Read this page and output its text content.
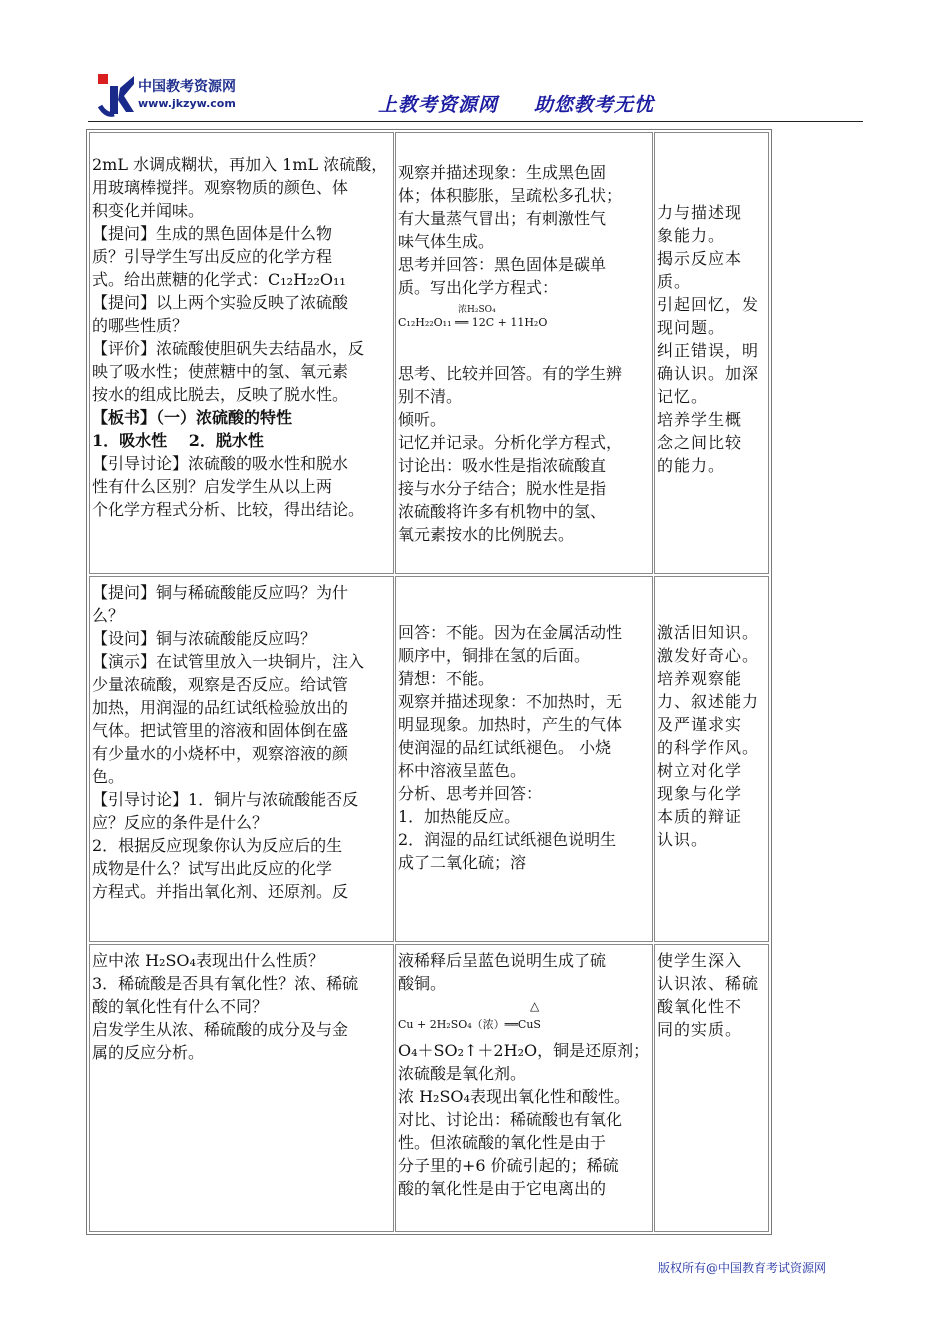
中国教考资源网
www.jkzyw.com	上教考资源网 助您教考无忧
2mL 水调成糊状，再加入 1mL 浓硫酸，
用玻璃棒搅拌。观察物质的颜色、体
积变化并闻味。
【提问】生成的黑色固体是什么物
质？引导学生写出反应的化学方程
式。给出蔗糖的化学式：C₁₂H₂₂O₁₁
【提问】以上两个实验反映了浓硫酸
的哪些性质？
【评价】浓硫酸使胆矾失去结晶水，反
映了吸水性；使蔗糖中的氢、氧元素
按水的组成比脱去，反映了脱水性。
【板书】（一）浓硫酸的特性
1．吸水性　 2．脱水性
【引导讨论】浓硫酸的吸水性和脱水
性有什么区别？启发学生从以上两
个化学方程式分析、比较，得出结论。
观察并描述现象：生成黑色固
体；体积膨胀，呈疏松多孔状；
有大量蒸气冒出；有刺激性气
味气体生成。
思考并回答：黑色固体是碳单
质。写出化学方程式：
浓H₂SO₄
C₁₂H₂₂O₁₁ ══ 12C + 11H₂O
思考、比较并回答。有的学生辨
别不清。
倾听。
记忆并记录。分析化学方程式，
讨论出：吸水性是指浓硫酸直
接与水分子结合；脱水性是指
浓硫酸将许多有机物中的氢、
氧元素按水的比例脱去。
力与描述现
象能力。
揭示反应本
质。
引起回忆，发
现问题。
纠正错误，明
确认识。加深
记忆。
培养学生概
念之间比较
的能力。
【提问】铜与稀硫酸能反应吗？为什
么？
【设问】铜与浓硫酸能反应吗？
【演示】在试管里放入一块铜片，注入
少量浓硫酸，观察是否反应。给试管
加热，用润湿的品红试纸检验放出的
气体。把试管里的溶液和固体倒在盛
有少量水的小烧杯中，观察溶液的颜
色。
【引导讨论】1．铜片与浓硫酸能否反
应？反应的条件是什么？
2．根据反应现象你认为反应后的生
成物是什么？试写出此反应的化学
方程式。并指出氧化剂、还原剂。反
回答：不能。因为在金属活动性
顺序中，铜排在氢的后面。
猜想：不能。
观察并描述现象：不加热时，无
明显现象。加热时，产生的气体
使润湿的品红试纸褪色。 小烧
杯中溶液呈蓝色。
分析、思考并回答：
1．加热能反应。
2．润湿的品红试纸褪色说明生
成了二氧化硫；溶
激活旧知识。
激发好奇心。
培养观察能
力、叙述能力
及严谨求实
的科学作风。
树立对化学
现象与化学
本质的辩证
认识。
应中浓 H₂SO₄表现出什么性质？
3．稀硫酸是否具有氧化性？浓、稀硫
酸的氧化性有什么不同？
启发学生从浓、稀硫酸的成分及与金
属的反应分析。
液稀释后呈蓝色说明生成了硫
酸铜。
△
Cu + 2H₂SO₄（浓）══CuS
O₄＋SO₂↑＋2H₂O，铜是还原剂；
浓硫酸是氧化剂。
浓 H₂SO₄表现出氧化性和酸性。
对比、讨论出：稀硫酸也有氧化
性。但浓硫酸的氧化性是由于
分子里的+6 价硫引起的；稀硫
酸的氧化性是由于它电离出的
使学生深入
认识浓、稀硫
酸氧化性不
同的实质。
版权所有@中国教育考试资源网
